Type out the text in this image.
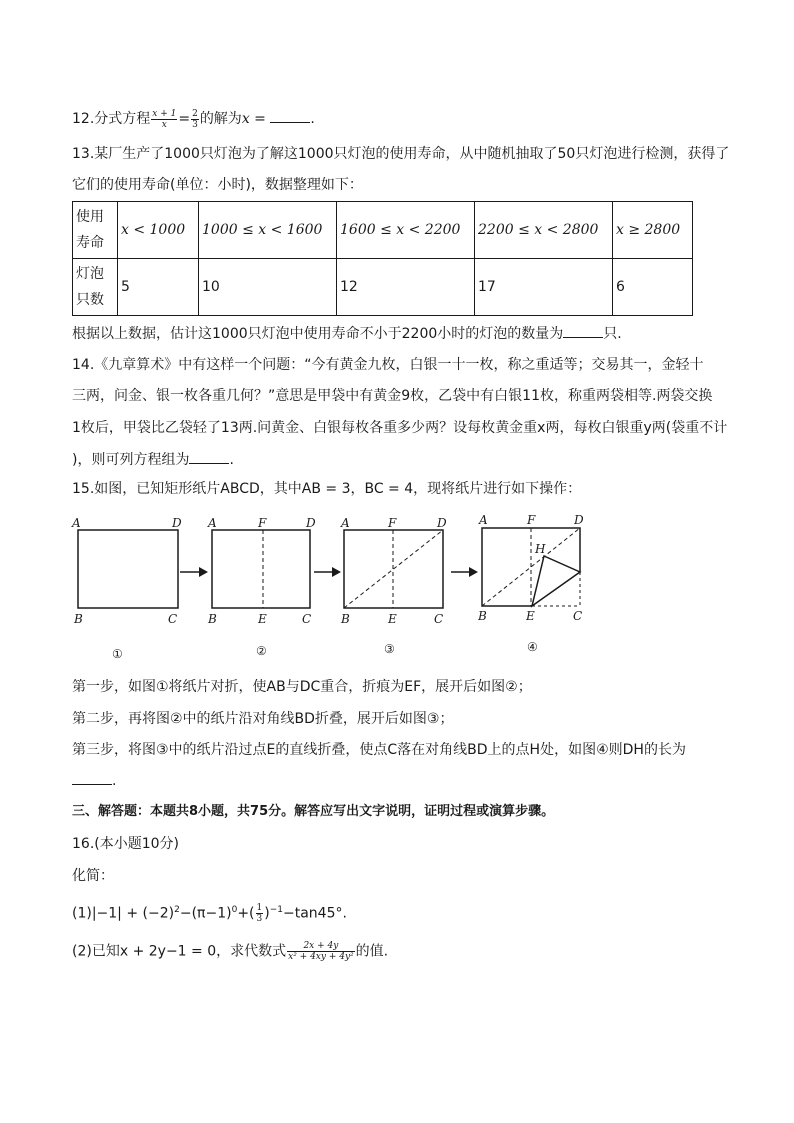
12.分式方程 $\frac{x + 1}{x} = \frac{2}{3}$ 的解为x =	.
13.某厂生产了1000只灯泡为了解这1000只灯泡的使用寿命，从中随机抽取了50只灯泡进行检测，获得了
它们的使用寿命(单位：小时)，数据整理如下：
使用
寿命	x < 1000	1000 ≤ x < 1600	1600 ≤ x < 2200	2200 ≤ x < 2800	x ≥ 2800
灯泡
只数	5	10	12	17	6
根据以上数据，估计这1000只灯泡中使用寿命不小于2200小时的灯泡的数量为	只.
14.《九章算术》中有这样一个问题：“今有黄金九枚，白银一十一枚，称之重适等；交易其一，金轻十
三两，问金、银一枚各重几何？”意思是甲袋中有黄金9枚，乙袋中有白银11枚，称重两袋相等.两袋交换
1枚后，甲袋比乙袋轻了13两.问黄金、白银每枚各重多少两？设每枚黄金重x两，每枚白银重y两(袋重不计
)，则可列方程组为	.
15.如图，已知矩形纸片ABCD，其中AB = 3，BC = 4，现将纸片进行如下操作：
A	D
B	C
①
A	F	D
B	E	C
②
A	F	D
B	E	C
③
A	F	D
H
B	E	C
④
第一步，如图①将纸片对折，使AB与DC重合，折痕为EF，展开后如图②；
第二步，再将图②中的纸片沿对角线BD折叠，展开后如图③；
第三步，将图③中的纸片沿过点E的直线折叠，使点C落在对角线BD上的点H处，如图④则DH的长为
.
三、解答题：本题共8小题，共75分。解答应写出文字说明，证明过程或演算步骤。
16.(本小题10分)
化简：
$(1)|-1| + (-2)^2-(\pi-1)^0+( \frac{1}{3} )^{-1}-\tan 45^\circ$.
(2)已知x + 2y−1 = 0，求代数式 $\frac{2x + 4y}{\text{x² + 4xy + 4y²}}$ 的值.
